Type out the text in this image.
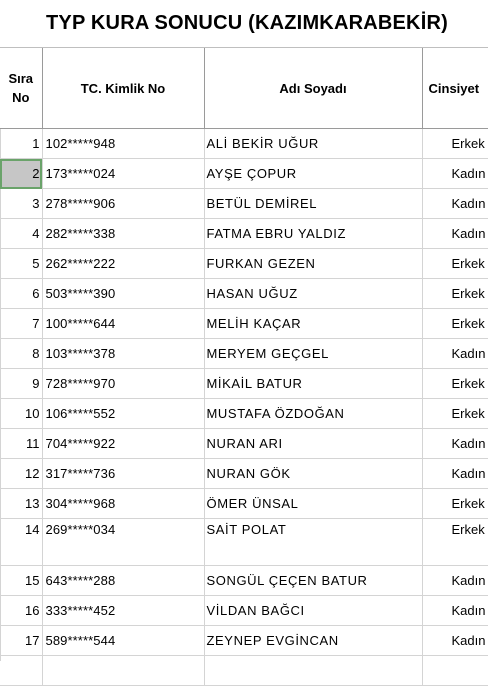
TYP KURA SONUCU (KAZIMKARABEKİR)
Sıra
No	TC. Kimlik No	Adı Soyadı	Cinsiyet
1	102*****948	ALİ BEKİR UĞUR	Erkek
2	173*****024	AYŞE ÇOPUR	Kadın
3	278*****906	BETÜL DEMİREL	Kadın
4	282*****338	FATMA EBRU YALDIZ	Kadın
5	262*****222	FURKAN GEZEN	Erkek
6	503*****390	HASAN UĞUZ	Erkek
7	100*****644	MELİH KAÇAR	Erkek
8	103*****378	MERYEM GEÇGEL	Kadın
9	728*****970	MİKAİL BATUR	Erkek
10	106*****552	MUSTAFA ÖZDOĞAN	Erkek
11	704*****922	NURAN ARI	Kadın
12	317*****736	NURAN GÖK	Kadın
13	304*****968	ÖMER ÜNSAL	Erkek
14	269*****034	SAİT POLAT	Erkek
15	643*****288	SONGÜL ÇEÇEN BATUR	Kadın
16	333*****452	VİLDAN BAĞCI	Kadın
17	589*****544	ZEYNEP EVGİNCAN	Kadın
